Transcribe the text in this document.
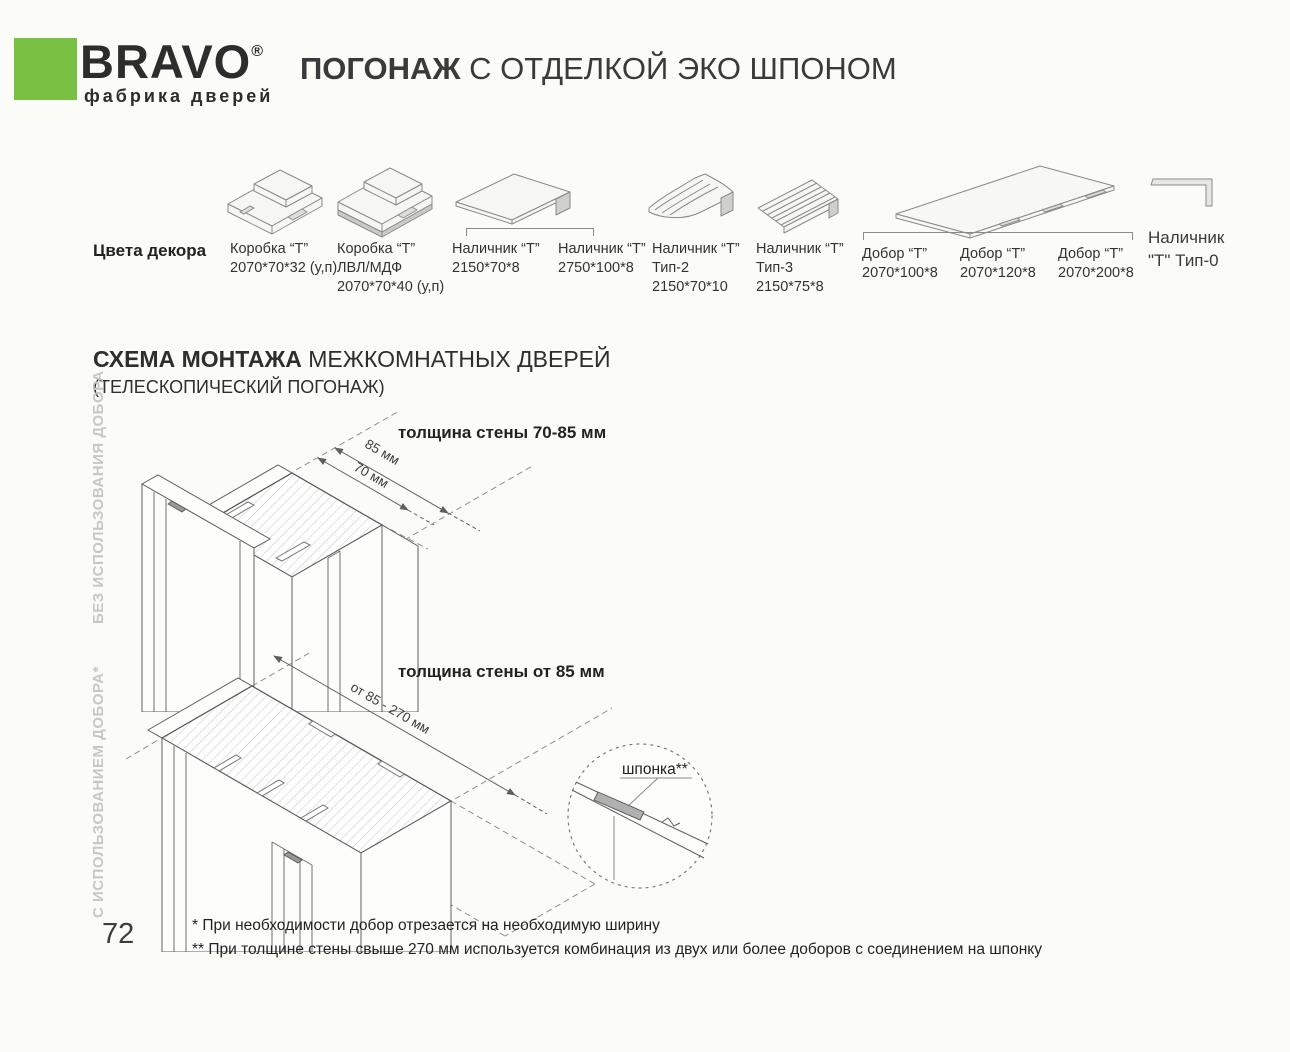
BRAVO®
фабрика дверей
ПОГОНАЖ С ОТДЕЛКОЙ ЭКО ШПОНОМ
Цвета декора Коробка “Т”
2070*70*32 (у,п)
Коробка “Т”
ЛВЛ/МДФ
2070*70*40 (у,п)
Наличник “Т”
2150*70*8
Наличник “Т”
2750*100*8
Наличник “Т”
Тип-2
2150*70*10
Наличник “Т”
Тип-3
2150*75*8
Добор “Т”
2070*100*8
Добор “Т”
2070*120*8
Добор “Т”
2070*200*8
Наличник
"Т" Тип-0
СХЕМА МОНТАЖА МЕЖКОМНАТНЫХ ДВЕРЕЙ
(ТЕЛЕСКОПИЧЕСКИЙ ПОГОНАЖ)
БЕЗ ИСПОЛЬЗОВАНИЯ ДОБОРА	толщина стены 70-85 мм
85 мм
70 мм
С ИСПОЛЬЗОВАНИЕМ ДОБОРА*	толщина стены от 85 мм
от 85 - 270 мм
шпонка**
72	* При необходимости добор отрезается на необходимую ширину
** При толщине стены свыше 270 мм используется комбинация из двух или более доборов с соединением на шпонку
